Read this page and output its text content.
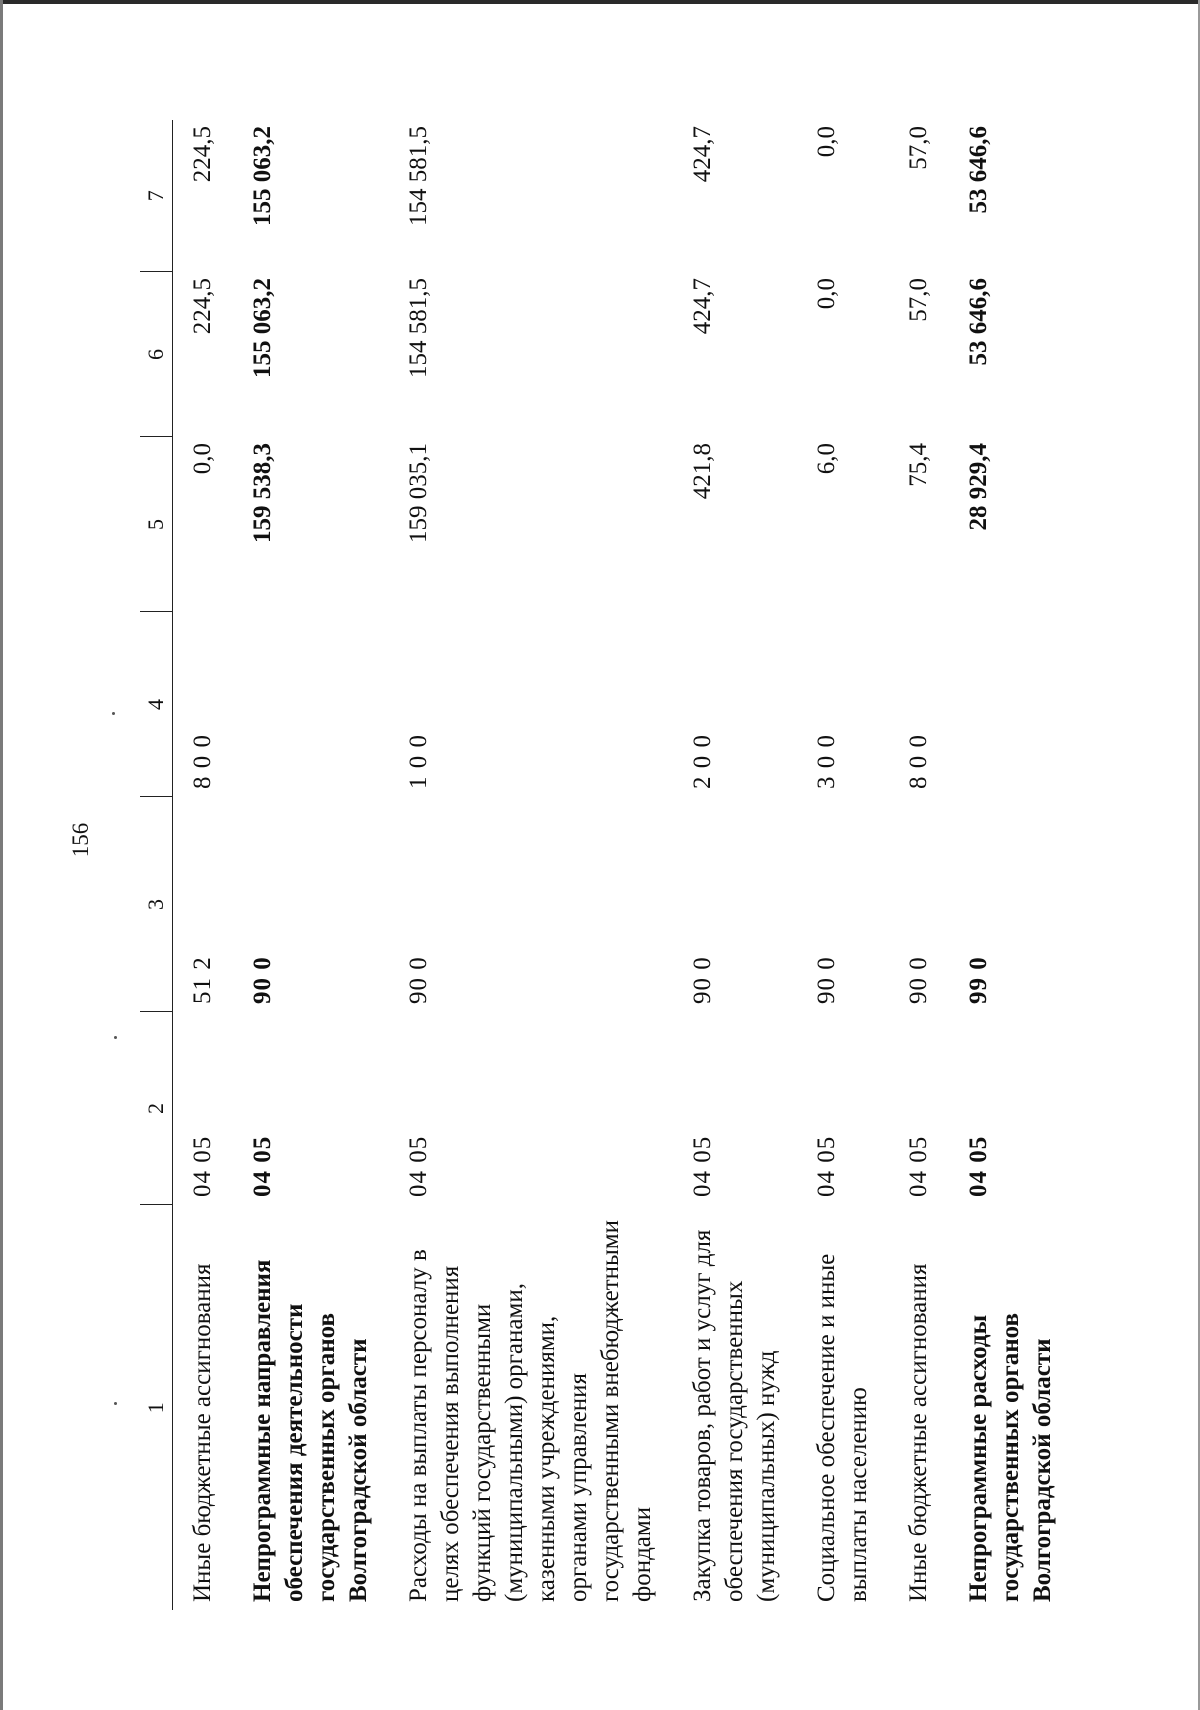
156
1	2	3	4	5	6	7
Иные бюджетные ассигнования	04 05	51 2	8 0 0	0,0	224,5	224,5
Непрограммные направления обеспечения деятельности государственных органов Волгоградской области	04 05	90 0		159 538,3	155 063,2	155 063,2
Расходы на выплаты персоналу в целях обеспечения выполнения функций государственными (муниципальными) органами, казенными учреждениями, органами управления государственными внебюджетными фондами	04 05	90 0	1 0 0	159 035,1	154 581,5	154 581,5
Закупка товаров, работ и услуг для обеспечения государственных (муниципальных) нужд	04 05	90 0	2 0 0	421,8	424,7	424,7
Социальное обеспечение и иные выплаты населению	04 05	90 0	3 0 0	6,0	0,0	0,0
Иные бюджетные ассигнования	04 05	90 0	8 0 0	75,4	57,0	57,0
Непрограммные расходы государственных органов Волгоградской области	04 05	99 0		28 929,4	53 646,6	53 646,6
